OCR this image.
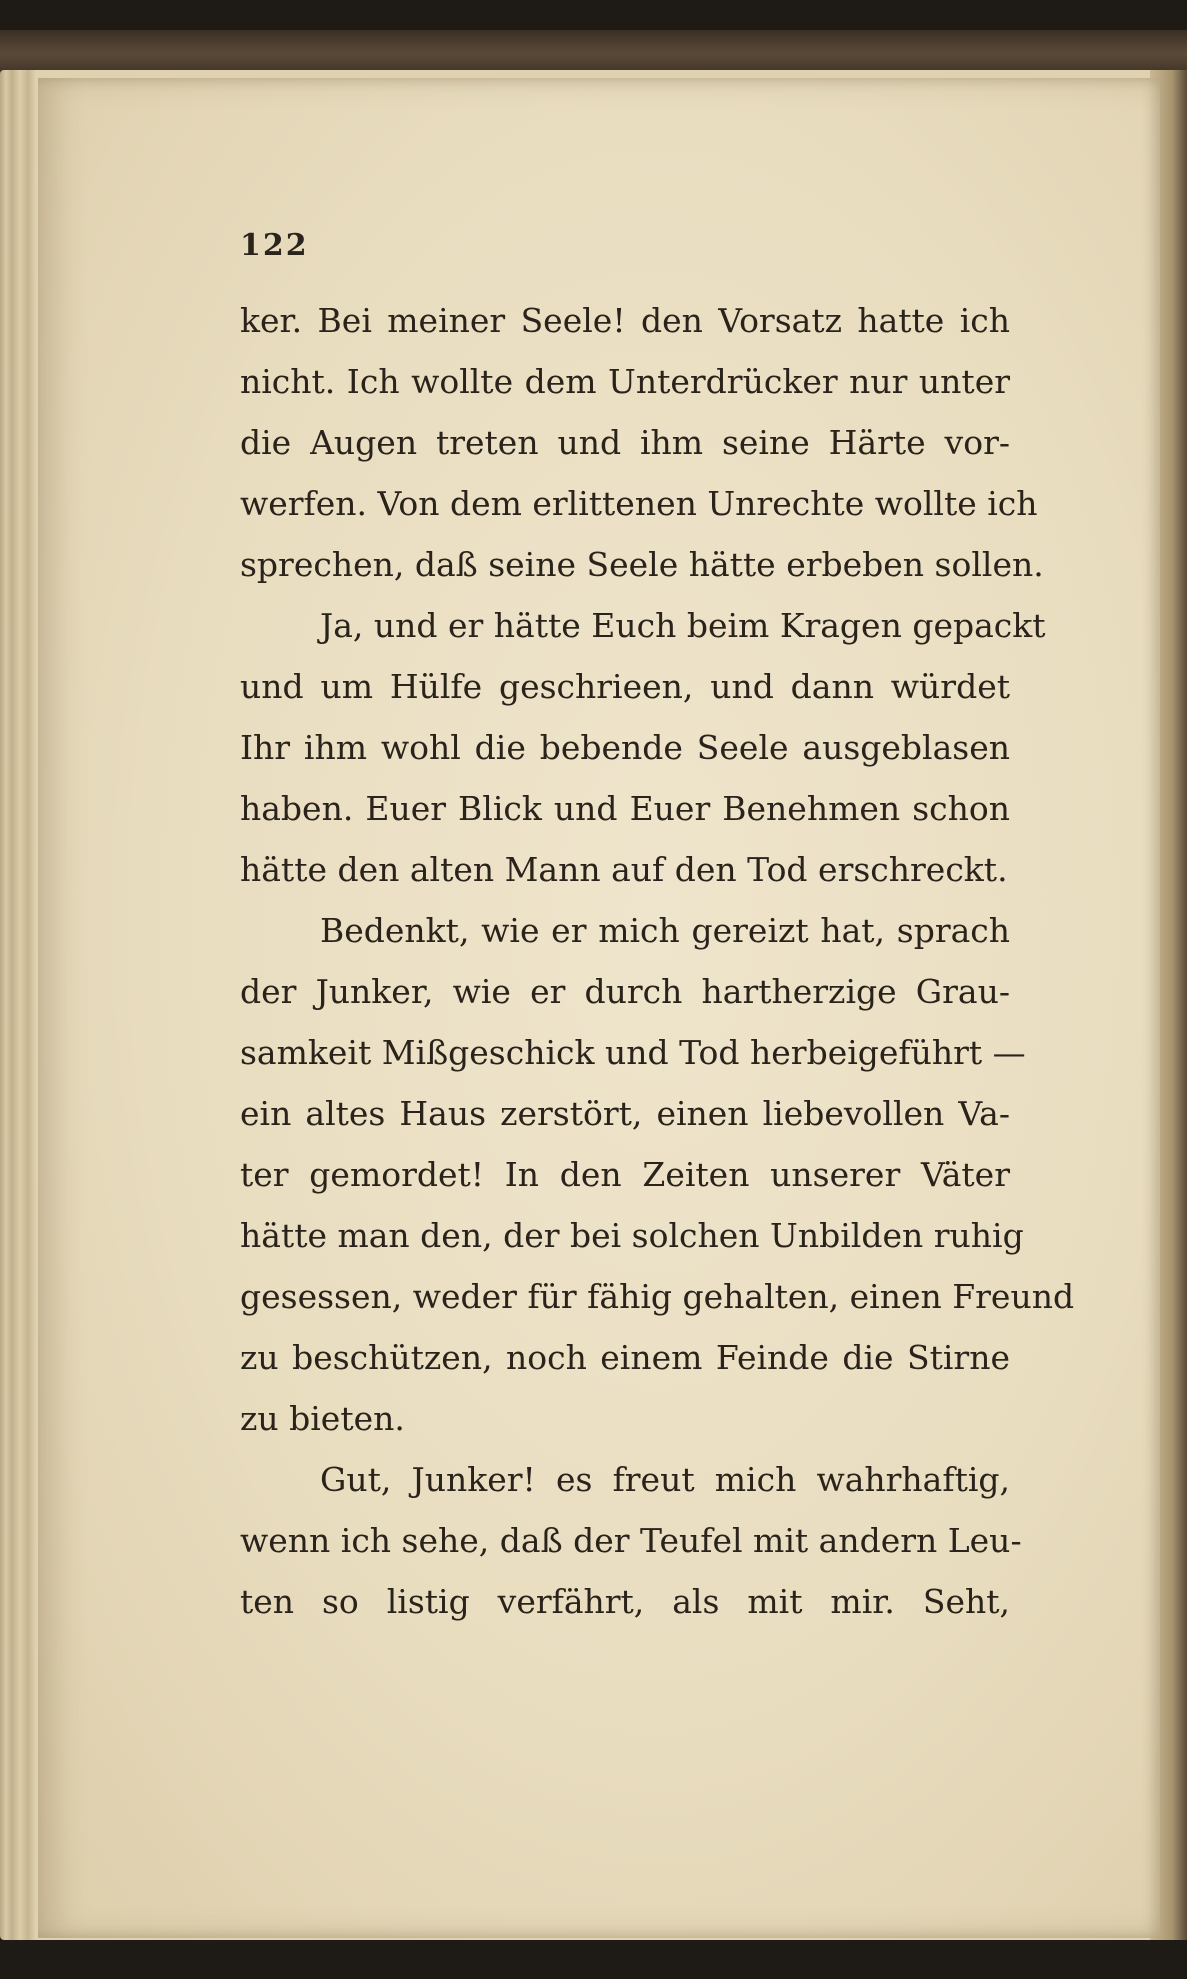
122
ker. Bei meiner Seele! den Vorsatz hatte ich
nicht. Ich wollte dem Unterdrücker nur unter
die Augen treten und ihm seine Härte vor-
werfen. Von dem erlittenen Unrechte wollte ich
sprechen, daß seine Seele hätte erbeben sollen.
Ja, und er hätte Euch beim Kragen gepackt
und um Hülfe geschrieen, und dann würdet
Ihr ihm wohl die bebende Seele ausgeblasen
haben. Euer Blick und Euer Benehmen schon
hätte den alten Mann auf den Tod erschreckt.
Bedenkt, wie er mich gereizt hat, sprach
der Junker, wie er durch hartherzige Grau-
samkeit Mißgeschick und Tod herbeigeführt —
ein altes Haus zerstört, einen liebevollen Va-
ter gemordet! In den Zeiten unserer Väter
hätte man den, der bei solchen Unbilden ruhig
gesessen, weder für fähig gehalten, einen Freund
zu beschützen, noch einem Feinde die Stirne
zu bieten.
Gut, Junker! es freut mich wahrhaftig,
wenn ich sehe, daß der Teufel mit andern Leu-
ten so listig verfährt, als mit mir. Seht,
